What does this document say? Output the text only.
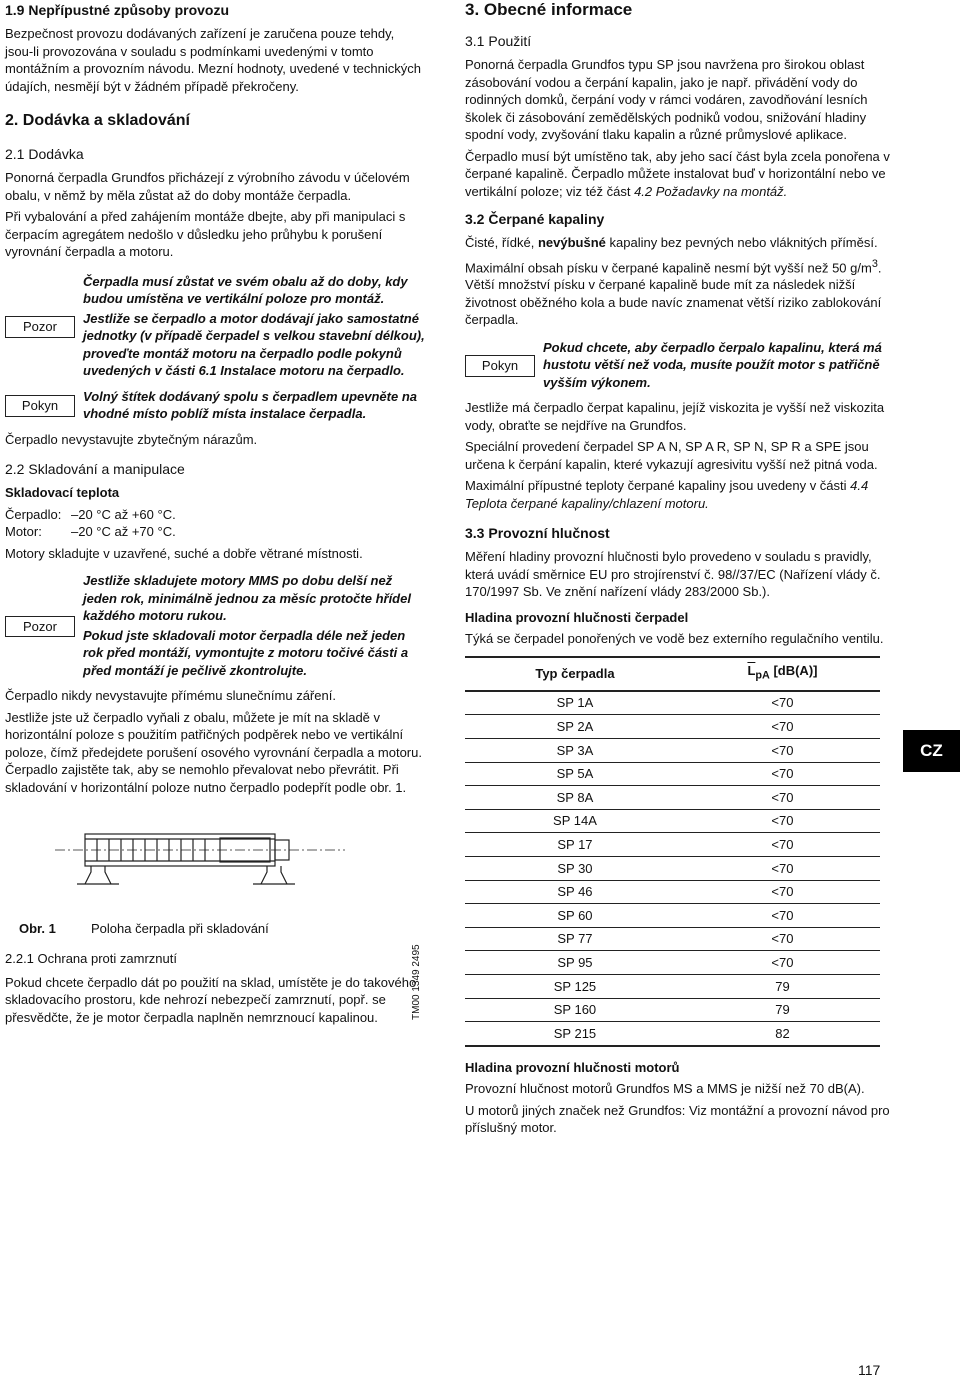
1.9 Nepřípustné způsoby provozu

Bezpečnost provozu dodávaných zařízení je zaručena pouze tehdy, jsou-li provozována v souladu s podmínkami uvedenými v tomto montážním a provozním návodu. Mezní hodnoty, uvedené v technických údajích, nesmějí být v žádném případě překročeny.

2. Dodávka a skladování
2.1 Dodávka

Ponorná čerpadla Grundfos přicházejí z výrobního závodu v účelovém obalu, v němž by měla zůstat až do doby montáže čerpadla.

Při vybalování a před zahájením montáže dbejte, aby při manipulaci s čerpacím agregátem nedošlo v důsledku jeho průhybu k porušení vyrovnání čerpadla a motoru.

Pozor

Čerpadla musí zůstat ve svém obalu až do doby, kdy budou umístěna ve vertikální poloze pro montáž.

Jestliže se čerpadlo a motor dodávají jako samostatné jednotky (v případě čerpadel s velkou stavební délkou), proveďte montáž motoru na čerpadlo podle pokynů uvedených v části 6.1 Instalace motoru na čerpadlo.

Pokyn

Volný štítek dodávaný spolu s čerpadlem upevněte na vhodné místo poblíž místa instalace čerpadla.

Čerpadlo nevystavujte zbytečným nárazům.

2.2 Skladování a manipulace
Skladovací teplota
Čerpadlo: –20 °C až +60 °C.
Motor:	–20 °C až +70 °C.

Motory skladujte v uzavřené, suché a dobře větrané místnosti.

Pozor

Jestliže skladujete motory MMS po dobu delší než jeden rok, minimálně jednou za měsíc protočte hřídel každého motoru rukou.

Pokud jste skladovali motor čerpadla déle než jeden rok před montáží, vymontujte z motoru točivé části a před montáží je pečlivě zkontrolujte.

Čerpadlo nikdy nevystavujte přímému slunečnímu záření.

Jestliže jste už čerpadlo vyňali z obalu, můžete je mít na skladě v horizontální poloze s použitím patřičných podpěrek nebo ve vertikální poloze, čímž předejdete porušení osového vyrovnání čerpadla a motoru. Čerpadlo zajistěte tak, aby se nemohlo převalovat nebo převrátit. Při skladování v horizontální poloze nutno čerpadlo podepřít podle obr. 1.

Obr. 1	Poloha čerpadla při skladování
2.2.1 Ochrana proti zamrznutí

Pokud chcete čerpadlo dát po použití na sklad, umístěte je do takového skladovacího prostoru, kde nehrozí nebezpečí zamrznutí, popř. se přesvědčte, že je motor čerpadla naplněn nemrznoucí kapalinou.	TM00 1349 2495
3. Obecné informace
3.1 Použití

Ponorná čerpadla Grundfos typu SP jsou navržena pro širokou oblast zásobování vodou a čerpání kapalin, jako je např. přivádění vody do rodinných domků, čerpání vody v rámci vodáren, zavodňování lesních školek či zásobování zemědělských podniků vodou, snižování hladiny spodní vody, zvyšování tlaku kapalin a různé průmyslové aplikace.

Čerpadlo musí být umístěno tak, aby jeho sací část byla zcela ponořena v čerpané kapalině. Čerpadlo můžete instalovat buď v horizontální nebo ve vertikální poloze; viz též část 4.2 Požadavky na montáž.

3.2 Čerpané kapaliny

Čisté, řídké, nevýbušné kapaliny bez pevných nebo vláknitých příměsí.

Maximální obsah písku v čerpané kapalině nesmí být vyšší než 50 $g/m^3$. Větší množství písku v čerpané kapalině bude mít za následek nižší životnost oběžného kola a bude navíc znamenat větší riziko zablokování čerpadla.

Pokyn

Pokud chcete, aby čerpadlo čerpalo kapalinu, která má hustotu větší než voda, musíte použít motor s patřičně vyšším výkonem.

Jestliže má čerpadlo čerpat kapalinu, jejíž viskozita je vyšší než viskozita vody, obraťte se nejdříve na Grundfos.

Speciální provedení čerpadel SP A N, SP A R, SP N, SP R a SPE jsou určena k čerpání kapalin, které vykazují agresivitu vyšší než pitná voda.

Maximální přípustné teploty čerpané kapaliny jsou uvedeny v části 4.4 Teplota čerpané kapaliny/chlazení motoru.

3.3 Provozní hlučnost

Měření hladiny provozní hlučnosti bylo provedeno v souladu s pravidly, která uvádí směrnice EU pro strojírenství č. 98/​/37/EC (Nařízení vlády č. 170/1997 Sb. Ve znění nařízení vlády 283/2000 Sb.).

Hladina provozní hlučnosti čerpadel

Týká se čerpadel ponořených ve vodě bez externího regulačního ventilu.

Typ čerpadla	$\overline{L}_{pA}$ [dB(A)]
SP 1A	<70
SP 2A	<70
SP 3A	<70
SP 5A	<70
SP 8A	<70
SP 14A	<70
SP 17	<70
SP 30	<70
SP 46	<70
SP 60	<70
SP 77	<70
SP 95	<70
SP 125	79
SP 160	79
SP 215	82
Hladina provozní hlučnosti motorů

Provozní hlučnost motorů Grundfos MS a MMS je nižší než 70 dB(A).

U motorů jiných značek než Grundfos: Viz montážní a provozní návod pro příslušný motor.

CZ
117
